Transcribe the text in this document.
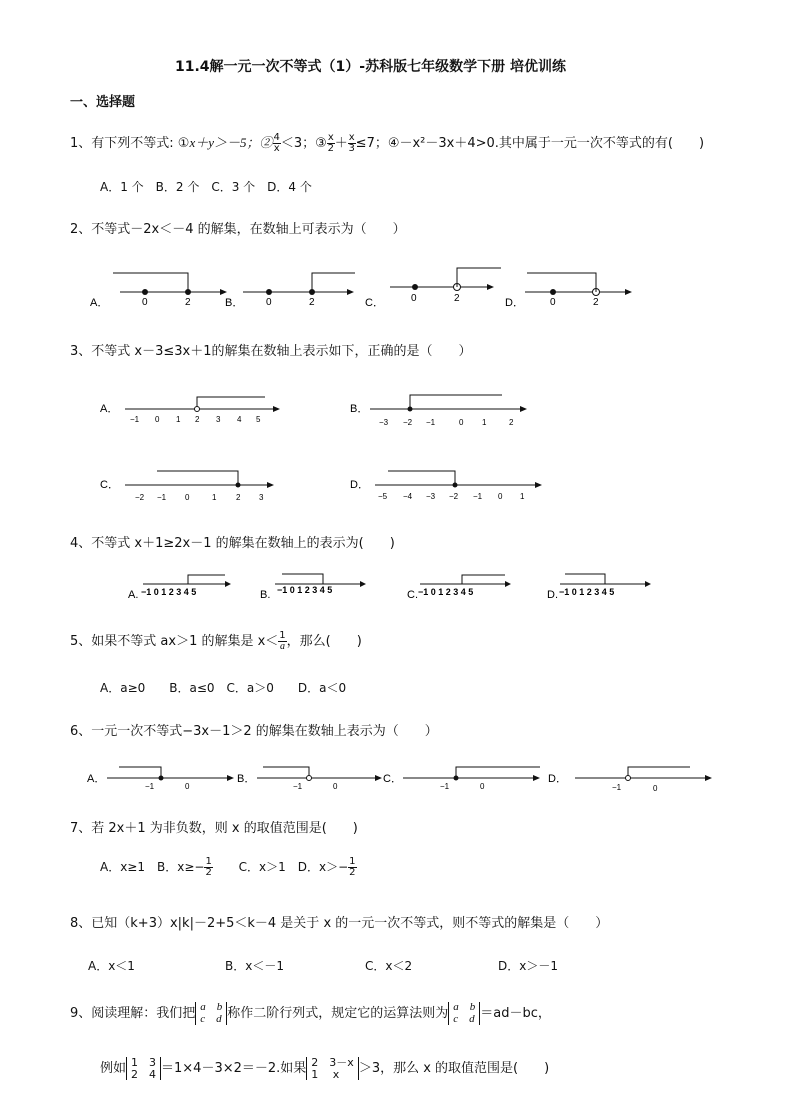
11.4解一元一次不等式（1）-苏科版七年级数学下册 培优训练
一、选择题
1、有下列不等式: ①x＋y＞－5；② $\frac{4}{x} <3$；③ $\frac{x}{2} + \frac{x}{3} \le 7$；④－x²－3x＋4>0.其中属于一元一次不等式的有(　　)
A．1 个　B．2 个　C．3 个　D．4 个
2、不等式－2x＜－4 的解集，在数轴上可表示为（　　）
A．	0	2	B． 0	2	C．	0	2	D．	0	2
3、不等式 x－3≤3x＋1的解集在数轴上表示如下，正确的是（　　）
A．
−1 0 1 2 3 4 5
B．
−3 −2 −1	0 1	2
C．
−2 −1 0	1 2 3
D．
−5 −4 −3 −2 −1 0 1
4、不等式 x＋1≥2x－1 的解集在数轴上的表示为(　　)
A. −1 0 1 2 3 4 5	B. −1 0 1 2 3 4 5	C. −1 0 1 2 3 4 5	D. −1 0 1 2 3 4 5
5、如果不等式 ax＞1 的解集是 $x< \frac{1}{a}$ ，那么(　　)
A．a≥0　　B．a≤0　C．a＞0　　D．a＜0
6、一元一次不等式−3x－1＞2 的解集在数轴上表示为（　　）
A．
−1	0
B．
−1	0
C．
−1	0
D．
−1	0
7、若 2x＋1 为非负数，则 x 的取值范围是(　　)
A．x≥1　B．$x\ge- \frac{1}{2}$ C．x＞1　D．$x>- \frac{1}{2}$
8、已知（k+3）x|k|－2+5＜k－4 是关于 x 的一元一次不等式，则不等式的解集是（　　）
A．x＜1	B．x＜－1	C．x＜2	D．x＞－1
9、阅读理解：我们把 a　b
c　d 称作二阶行列式，规定它的运算法则为 a　b
c　d ＝ad－bc，
例如 1　3
2　4 ＝1×4－3×2＝－2.如果 2　3－x
1　 x	＞3，那么 x 的取值范围是(　　)
